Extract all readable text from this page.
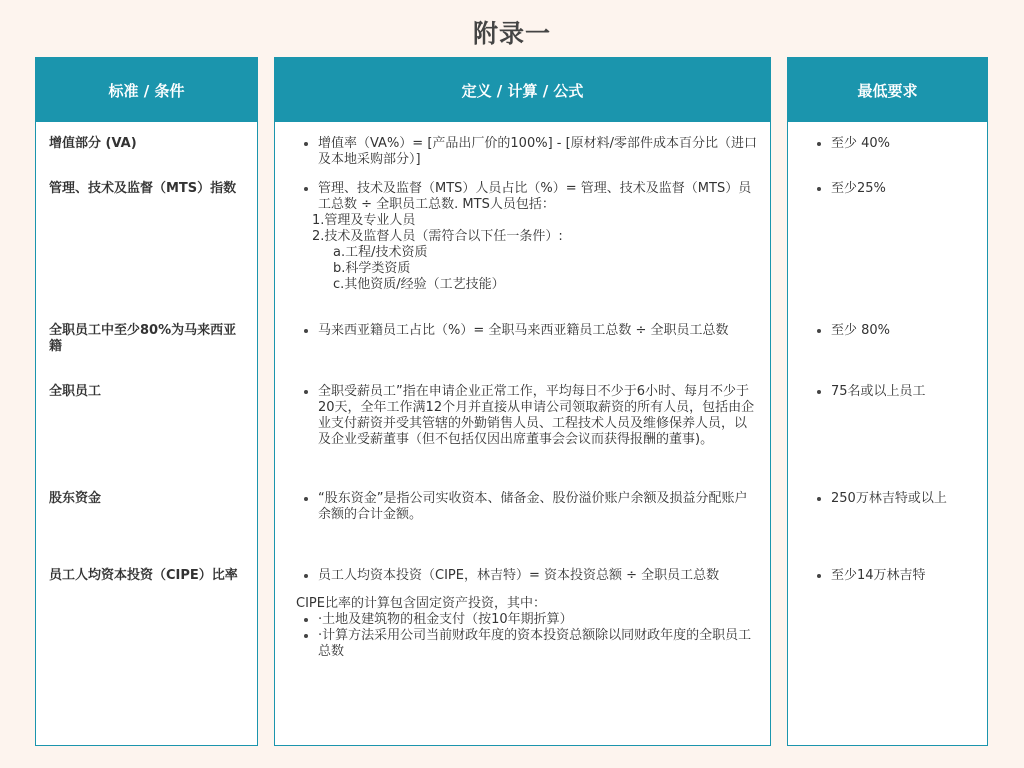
附录一
标准 / 条件
增值部分 (VA)
管理、技术及监督（MTS）指数
全职员工中至少80%为马来西亚籍
全职员工
股东资金
员工人均资本投资（CIPE）比率
定义 / 计算 / 公式
增值率（VA%）= [产品出厂价的100%] - [原材料/零部件成本百分比（进口及本地采购部分）]
管理、技术及监督（MTS）人员占比（%）= 管理、技术及监督（MTS）员工总数 ÷ 全职员工总数. MTS人员包括：
1.管理及专业人员
2.技术及监督人员（需符合以下任一条件）:
a.工程/技术资质
b.科学类资质
c.其他资质/经验（工艺技能）
马来西亚籍员工占比（%）= 全职马来西亚籍员工总数 ÷ 全职员工总数
全职受薪员工”指在申请企业正常工作，平均每日不少于6小时、每月不少于20天，全年工作满12个月并直接从申请公司领取薪资的所有人员，包括由企业支付薪资并受其管辖的外勤销售人员、工程技术人员及维修保养人员，以及企业受薪董事（但不包括仅因出席董事会会议而获得报酬的董事)。
“股东资金”是指公司实收资本、储备金、股份溢价账户余额及损益分配账户余额的合计金额。
员工人均资本投资（CIPE，林吉特）= 资本投资总额 ÷ 全职员工总数
CIPE比率的计算包含固定资产投资，其中：
·土地及建筑物的租金支付（按10年期折算）
·计算方法采用公司当前财政年度的资本投资总额除以同财政年度的全职员工总数
最低要求
至少 40%
至少25%
至少 80%
75名或以上员工
250万林吉特或以上
至少14万林吉特
